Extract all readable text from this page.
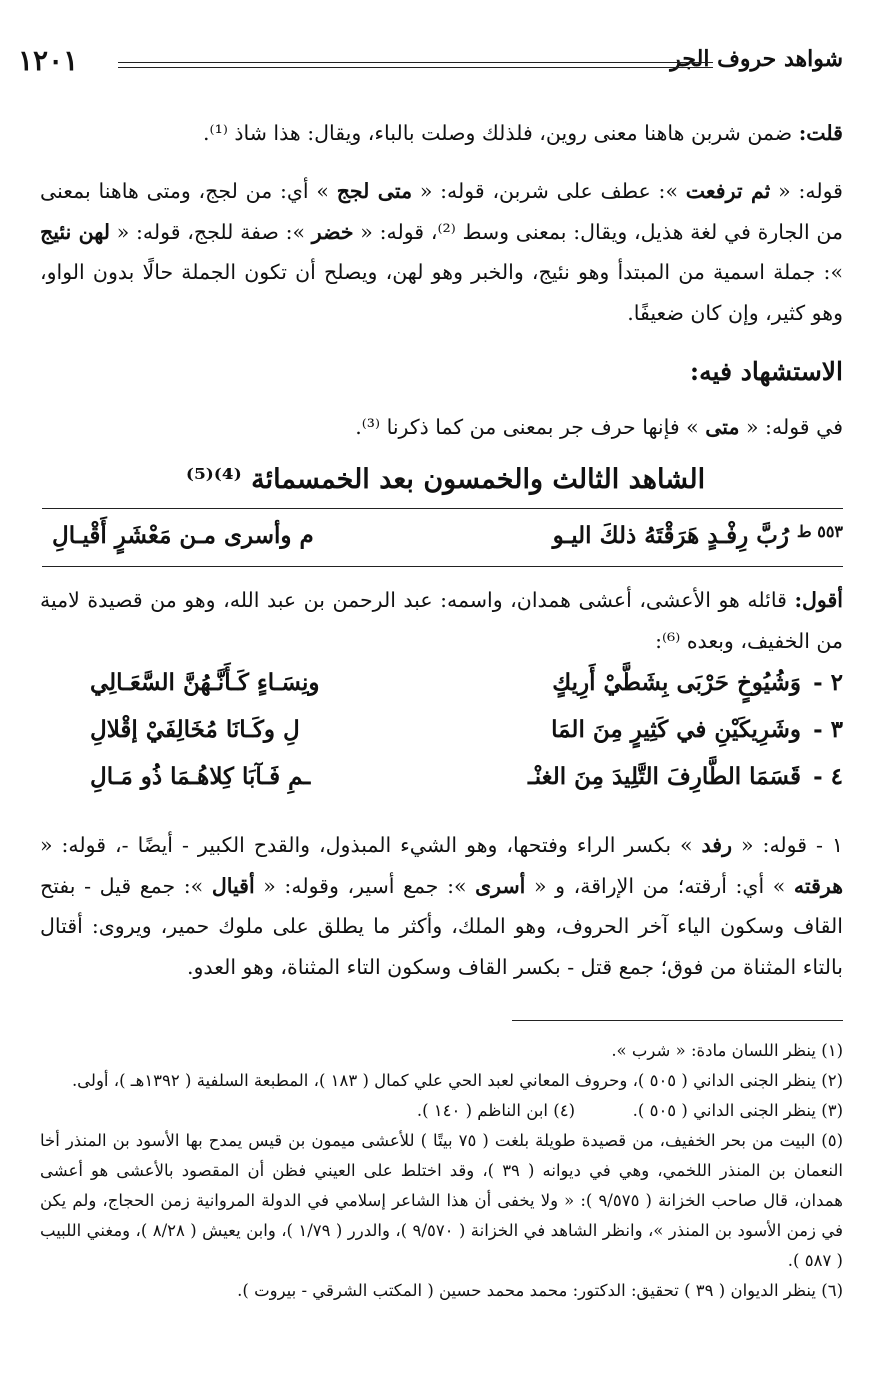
شواهد حروف الجر
١٢٠١

قلت: ضمن شربن هاهنا معنى روين، فلذلك وصلت بالباء، ويقال: هذا شاذ ⁽¹⁾.

قوله: « ثم ترفعت »: عطف على شربن، قوله: « متى لجج » أي: من لجج، ومتى هاهنا بمعنى من الجارة في لغة هذيل، ويقال: بمعنى وسط ⁽²⁾، قوله: « خضر »: صفة للجج، قوله: « لهن نئيج »: جملة اسمية من المبتدأ وهو نئيج، والخبر وهو لهن، ويصلح أن تكون الجملة حالًا بدون الواو، وهو كثير، وإن كان ضعيفًا.

الاستشهاد فيه:

في قوله: « متى » فإنها حرف جر بمعنى من كما ذكرنا ⁽³⁾.

الشاهد الثالث والخمسون بعد الخمسمائة ⁽⁴⁾⁽⁵⁾
٥٥٣ ط
رُبَّ رِفْـدٍ هَرَقْتَهُ ذلكَ اليـو
م وأسرى مـن مَعْشَرٍ أَقْيـالِ

أقول: قائله هو الأعشى، أعشى همدان، واسمه: عبد الرحمن بن عبد الله، وهو من قصيدة لامية من الخفيف، وبعده ⁽⁶⁾:

٢ -
وَشُيُوخٍ حَرْبَى بِشَطَّيْ أَرِيكٍ
ونِسَـاءٍ كَـأَنَّـهُنَّ السَّعَـالِي
٣ -
وشَرِيكَيْنِ في كَثِيرٍ مِنَ المَا
لِ وكَـانَا مُخَالِفَيْ إقْلالِ
٤ -
قَسَمَا الطَّارِفَ التَّلِيدَ مِنَ الغنْـ
ـمِ فَـآبَا كِلاهُـمَا ذُو مَـالِ

١ - قوله: « رفد » بكسر الراء وفتحها، وهو الشيء المبذول، والقدح الكبير - أيضًا -، قوله: « هرقته » أي: أرقته؛ من الإراقة، و « أسرى »: جمع أسير، وقوله: « أقيال »: جمع قيل - بفتح القاف وسكون الياء آخر الحروف، وهو الملك، وأكثر ما يطلق على ملوك حمير، ويروى: أقتال بالتاء المثناة من فوق؛ جمع قتل - بكسر القاف وسكون التاء المثناة، وهو العدو.

(١) ينظر اللسان مادة: « شرب ».

(٢) ينظر الجنى الداني ( ٥٠٥ )، وحروف المعاني لعبد الحي علي كمال ( ١٨٣ )، المطبعة السلفية ( ١٣٩٢هـ )، أولى.

(٣) ينظر الجنى الداني ( ٥٠٥ ).
(٤) ابن الناظم ( ١٤٠ ).

(٥) البيت من بحر الخفيف، من قصيدة طويلة بلغت ( ٧٥ بيتًا ) للأعشى ميمون بن قيس يمدح بها الأسود بن المنذر أخا النعمان بن المنذر اللخمي، وهي في ديوانه ( ٣٩ )، وقد اختلط على العيني فظن أن المقصود بالأعشى هو أعشى همدان، قال صاحب الخزانة ( ٩/٥٧٥ ): « ولا يخفى أن هذا الشاعر إسلامي في الدولة المروانية زمن الحجاج، ولم يكن في زمن الأسود بن المنذر »، وانظر الشاهد في الخزانة ( ٩/٥٧٠ )، والدرر ( ١/٧٩ )، وابن يعيش ( ٨/٢٨ )، ومغني اللبيب ( ٥٨٧ ).

(٦) ينظر الديوان ( ٣٩ ) تحقيق: الدكتور: محمد محمد حسين ( المكتب الشرقي - بيروت ).
